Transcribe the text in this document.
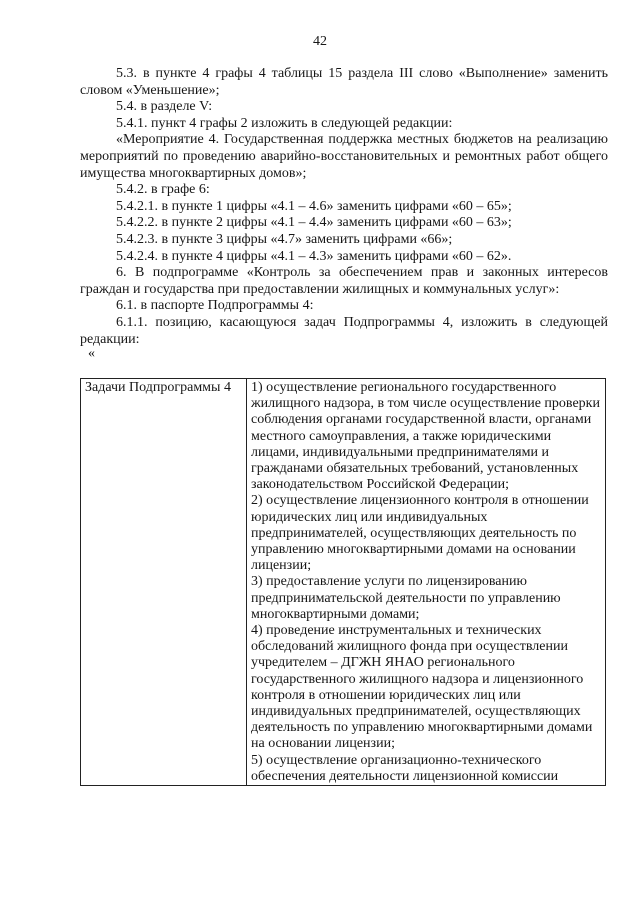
42

5.3. в пункте 4 графы 4 таблицы 15 раздела III слово «Выполнение» заменить словом «Уменьшение»;

5.4. в разделе V:

5.4.1. пункт 4 графы 2 изложить в следующей редакции:

«Мероприятие 4. Государственная поддержка местных бюджетов на реализацию мероприятий по проведению аварийно-восстановительных и ремонтных работ общего имущества многоквартирных домов»;

5.4.2. в графе 6:

5.4.2.1. в пункте 1 цифры «4.1 – 4.6» заменить цифрами «60 – 65»;

5.4.2.2. в пункте 2 цифры «4.1 – 4.4» заменить цифрами «60 – 63»;

5.4.2.3. в пункте 3 цифры «4.7» заменить цифрами «66»;

5.4.2.4. в пункте 4 цифры «4.1 – 4.3» заменить цифрами «60 – 62».

6. В подпрограмме «Контроль за обеспечением прав и законных интересов граждан и государства при предоставлении жилищных и коммунальных услуг»:

6.1. в паспорте Подпрограммы 4:

6.1.1. позицию, касающуюся задач Подпрограммы 4, изложить в следующей редакции:

«

Задачи Подпрограммы 4	1) осуществление регионального государственного жилищного надзора, в том числе осуществление проверки соблюдения органами государственной власти, органами местного самоуправления, а также юридическими лицами, индивидуальными предпринимателями и гражданами обязательных требований, установленных законодательством Российской Федерации;

2) осуществление лицензионного контроля в отношении юридических лиц или индивидуальных предпринимателей, осуществляющих деятельность по управлению многоквартирными домами на основании лицензии;

3) предоставление услуги по лицензированию предпринимательской деятельности по управлению многоквартирными домами;

4) проведение инструментальных и технических обследований жилищного фонда при осуществлении учредителем – ДГЖН ЯНАО регионального государственного жилищного надзора и лицензионного контроля в отношении юридических лиц или индивидуальных предпринимателей, осуществляющих деятельность по управлению многоквартирными домами на основании лицензии;

5) осуществление организационно-технического обеспечения деятельности лицензионной комиссии
